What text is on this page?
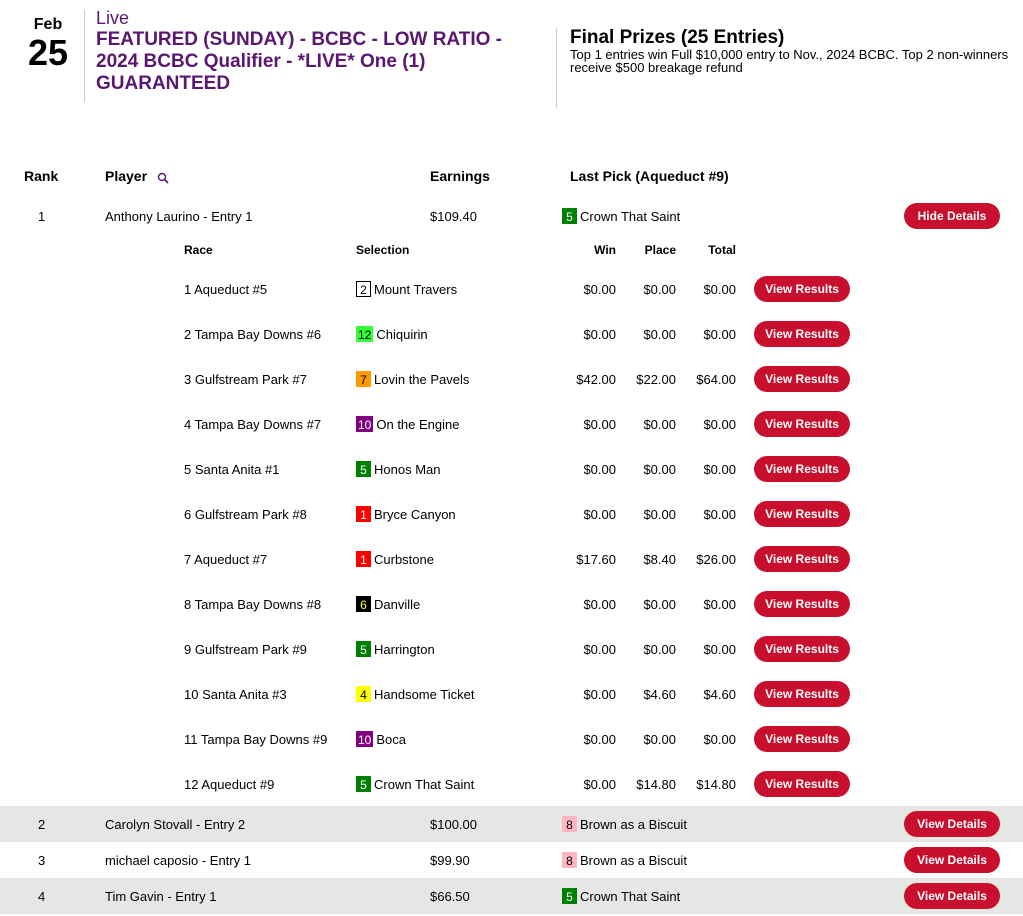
Feb
25
Live
FEATURED (SUNDAY) - BCBC - LOW RATIO - 2024 BCBC Qualifier - *LIVE* One (1) GUARANTEED
Final Prizes (25 Entries)
Top 1 entries win Full $10,000 entry to Nov., 2024 BCBC. Top 2 non-winners receive $500 breakage refund
Rank	Player	Earnings	Last Pick (Aqueduct #9)
1	Anthony Laurino - Entry 1	$109.40	5 Crown That Saint	Hide Details
2	Carolyn Stovall - Entry 2	$100.00	8 Brown as a Biscuit	View Details
3	michael caposio - Entry 1	$99.90	8 Brown as a Biscuit	View Details
4	Tim Gavin - Entry 1	$66.50	5 Crown That Saint	View Details
Race	Selection	Win	Place	Total
1 Aqueduct #5	2 Mount Travers	$0.00	$0.00	$0.00	View Results
2 Tampa Bay Downs #6	12 Chiquirin	$0.00	$0.00	$0.00	View Results
3 Gulfstream Park #7	7 Lovin the Pavels	$42.00	$22.00	$64.00	View Results
4 Tampa Bay Downs #7	10 On the Engine	$0.00	$0.00	$0.00	View Results
5 Santa Anita #1	5 Honos Man	$0.00	$0.00	$0.00	View Results
6 Gulfstream Park #8	1 Bryce Canyon	$0.00	$0.00	$0.00	View Results
7 Aqueduct #7	1 Curbstone	$17.60	$8.40	$26.00	View Results
8 Tampa Bay Downs #8	6 Danville	$0.00	$0.00	$0.00	View Results
9 Gulfstream Park #9	5 Harrington	$0.00	$0.00	$0.00	View Results
10 Santa Anita #3	4 Handsome Ticket	$0.00	$4.60	$4.60	View Results
11 Tampa Bay Downs #9	10 Boca	$0.00	$0.00	$0.00	View Results
12 Aqueduct #9	5 Crown That Saint	$0.00	$14.80	$14.80	View Results
